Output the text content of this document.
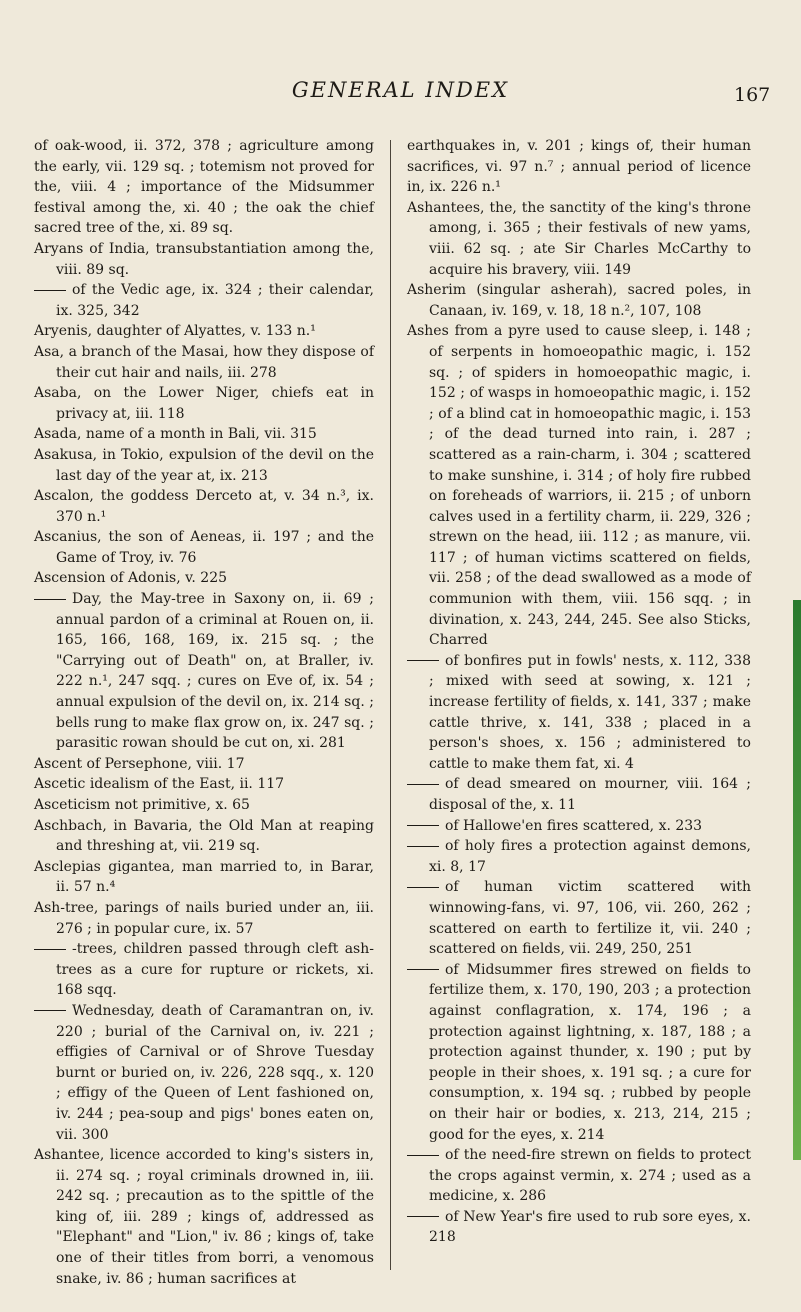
GENERAL INDEX	167

of oak-wood, ii. 372, 378 ; agriculture among the early, vii. 129 sq. ; totemism not proved for the, viii. 4 ; importance of the Midsummer festival among the, xi. 40 ; the oak the chief sacred tree of the, xi. 89 sq.

Aryans of India, transubstantiation among the, viii. 89 sq.

of the Vedic age, ix. 324 ; their calendar, ix. 325, 342

Aryenis, daughter of Alyattes, v. 133 n.¹

Asa, a branch of the Masai, how they dispose of their cut hair and nails, iii. 278

Asaba, on the Lower Niger, chiefs eat in privacy at, iii. 118

Asada, name of a month in Bali, vii. 315

Asakusa, in Tokio, expulsion of the devil on the last day of the year at, ix. 213

Ascalon, the goddess Derceto at, v. 34 n.³, ix. 370 n.¹

Ascanius, the son of Aeneas, ii. 197 ; and the Game of Troy, iv. 76

Ascension of Adonis, v. 225

Day, the May-tree in Saxony on, ii. 69 ; annual pardon of a criminal at Rouen on, ii. 165, 166, 168, 169, ix. 215 sq. ; the "Carrying out of Death" on, at Braller, iv. 222 n.¹, 247 sqq. ; cures on Eve of, ix. 54 ; annual expulsion of the devil on, ix. 214 sq. ; bells rung to make flax grow on, ix. 247 sq. ; parasitic rowan should be cut on, xi. 281

Ascent of Persephone, viii. 17

Ascetic idealism of the East, ii. 117

Asceticism not primitive, x. 65

Aschbach, in Bavaria, the Old Man at reaping and threshing at, vii. 219 sq.

Asclepias gigantea, man married to, in Barar, ii. 57 n.⁴

Ash-tree, parings of nails buried under an, iii. 276 ; in popular cure, ix. 57

-trees, children passed through cleft ash-trees as a cure for rupture or rickets, xi. 168 sqq.

Wednesday, death of Caramantran on, iv. 220 ; burial of the Carnival on, iv. 221 ; effigies of Carnival or of Shrove Tuesday burnt or buried on, iv. 226, 228 sqq., x. 120 ; effigy of the Queen of Lent fashioned on, iv. 244 ; pea-soup and pigs' bones eaten on, vii. 300

Ashantee, licence accorded to king's sisters in, ii. 274 sq. ; royal criminals drowned in, iii. 242 sq. ; precaution as to the spittle of the king of, iii. 289 ; kings of, addressed as "Elephant" and "Lion," iv. 86 ; kings of, take one of their titles from borri, a venomous snake, iv. 86 ; human sacrifices at

earthquakes in, v. 201 ; kings of, their human sacrifices, vi. 97 n.⁷ ; annual period of licence in, ix. 226 n.¹

Ashantees, the, the sanctity of the king's throne among, i. 365 ; their festivals of new yams, viii. 62 sq. ; ate Sir Charles McCarthy to acquire his bravery, viii. 149

Asherim (singular asherah), sacred poles, in Canaan, iv. 169, v. 18, 18 n.², 107, 108

Ashes from a pyre used to cause sleep, i. 148 ; of serpents in homoeopathic magic, i. 152 sq. ; of spiders in homoeopathic magic, i. 152 ; of wasps in homoeopathic magic, i. 152 ; of a blind cat in homoeopathic magic, i. 153 ; of the dead turned into rain, i. 287 ; scattered as a rain-charm, i. 304 ; scattered to make sunshine, i. 314 ; of holy fire rubbed on foreheads of warriors, ii. 215 ; of unborn calves used in a fertility charm, ii. 229, 326 ; strewn on the head, iii. 112 ; as manure, vii. 117 ; of human victims scattered on fields, vii. 258 ; of the dead swallowed as a mode of communion with them, viii. 156 sqq. ; in divination, x. 243, 244, 245. See also Sticks, Charred

of bonfires put in fowls' nests, x. 112, 338 ; mixed with seed at sowing, x. 121 ; increase fertility of fields, x. 141, 337 ; make cattle thrive, x. 141, 338 ; placed in a person's shoes, x. 156 ; administered to cattle to make them fat, xi. 4

of dead smeared on mourner, viii. 164 ; disposal of the, x. 11

of Hallowe'en fires scattered, x. 233

of holy fires a protection against demons, xi. 8, 17

of human victim scattered with winnowing-fans, vi. 97, 106, vii. 260, 262 ; scattered on earth to fertilize it, vii. 240 ; scattered on fields, vii. 249, 250, 251

of Midsummer fires strewed on fields to fertilize them, x. 170, 190, 203 ; a protection against conflagration, x. 174, 196 ; a protection against lightning, x. 187, 188 ; a protection against thunder, x. 190 ; put by people in their shoes, x. 191 sq. ; a cure for consumption, x. 194 sq. ; rubbed by people on their hair or bodies, x. 213, 214, 215 ; good for the eyes, x. 214

of the need-fire strewn on fields to protect the crops against vermin, x. 274 ; used as a medicine, x. 286

of New Year's fire used to rub sore eyes, x. 218
